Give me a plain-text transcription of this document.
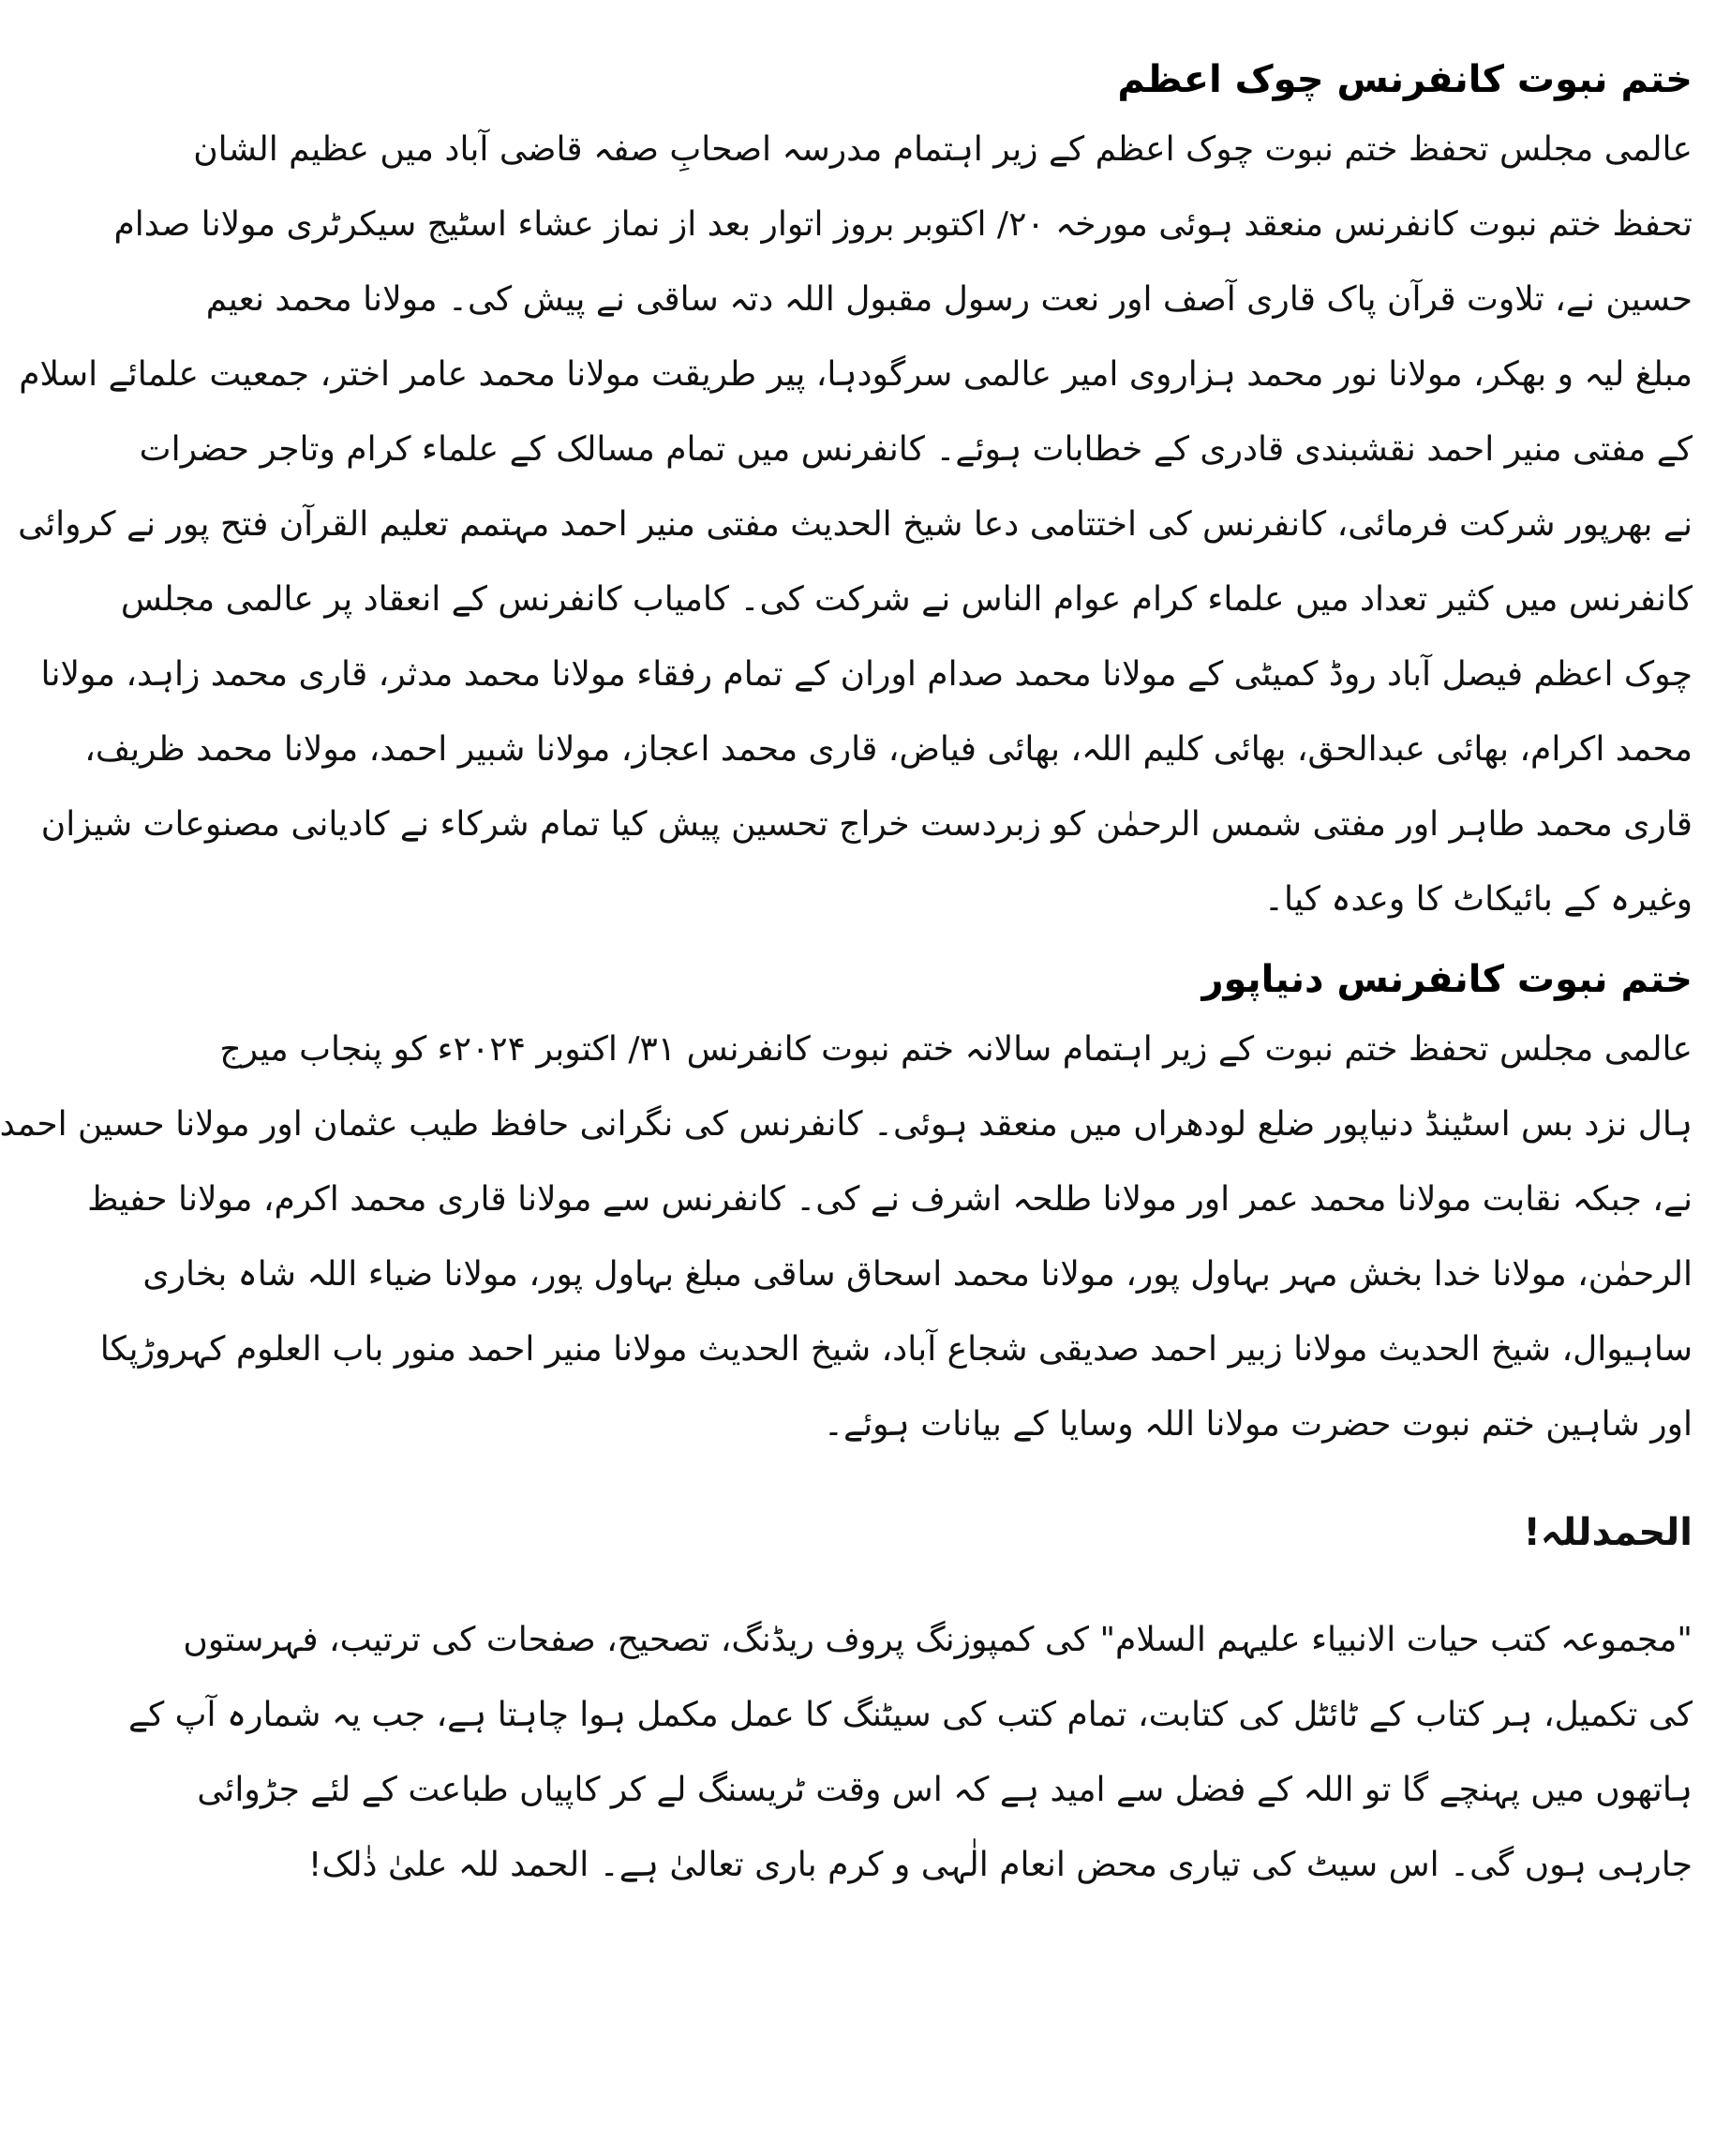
ختم نبوت کانفرنس چوک اعظم
عالمی مجلس تحفظ ختم نبوت چوک اعظم کے زیر اہتمام مدرسہ اصحابِ صفہ قاضی آباد میں عظیم الشان
تحفظ ختم نبوت کانفرنس منعقد ہوئی مورخہ ۲۰/ اکتوبر بروز اتوار بعد از نماز عشاء اسٹیج سیکرٹری مولانا صدام
حسین نے، تلاوت قرآن پاک قاری آصف اور نعت رسول مقبول اللہ دتہ ساقی نے پیش کی۔ مولانا محمد نعیم
مبلغ لیہ و بھکر، مولانا نور محمد ہزاروی امیر عالمی سرگودہا، پیر طریقت مولانا محمد عامر اختر، جمعیت علمائے اسلام
کے مفتی منیر احمد نقشبندی قادری کے خطابات ہوئے۔ کانفرنس میں تمام مسالک کے علماء کرام وتاجر حضرات
نے بھرپور شرکت فرمائی، کانفرنس کی اختتامی دعا شیخ الحدیث مفتی منیر احمد مہتمم تعلیم القرآن فتح پور نے کروائی
کانفرنس میں کثیر تعداد میں علماء کرام عوام الناس نے شرکت کی۔ کامیاب کانفرنس کے انعقاد پر عالمی مجلس
چوک اعظم فیصل آباد روڈ کمیٹی کے مولانا محمد صدام اوران کے تمام رفقاء مولانا محمد مدثر، قاری محمد زاہد، مولانا
محمد اکرام، بھائی عبدالحق، بھائی کلیم اللہ، بھائی فیاض، قاری محمد اعجاز، مولانا شبیر احمد، مولانا محمد ظریف،
قاری محمد طاہر اور مفتی شمس الرحمٰن کو زبردست خراج تحسین پیش کیا تمام شرکاء نے کادیانی مصنوعات شیزان
وغیرہ کے بائیکاٹ کا وعدہ کیا۔
ختم نبوت کانفرنس دنیاپور
عالمی مجلس تحفظ ختم نبوت کے زیر اہتمام سالانہ ختم نبوت کانفرنس ۳۱/ اکتوبر ۲۰۲۴ء کو پنجاب میرج
ہال نزد بس اسٹینڈ دنیاپور ضلع لودھراں میں منعقد ہوئی۔ کانفرنس کی نگرانی حافظ طیب عثمان اور مولانا حسین احمد
نے، جبکہ نقابت مولانا محمد عمر اور مولانا طلحہ اشرف نے کی۔ کانفرنس سے مولانا قاری محمد اکرم، مولانا حفیظ
الرحمٰن، مولانا خدا بخش مہر بہاول پور، مولانا محمد اسحاق ساقی مبلغ بہاول پور، مولانا ضیاء اللہ شاہ بخاری
ساہیوال، شیخ الحدیث مولانا زبیر احمد صدیقی شجاع آباد، شیخ الحدیث مولانا منیر احمد منور باب العلوم کہروڑپکا
اور شاہین ختم نبوت حضرت مولانا اللہ وسایا کے بیانات ہوئے۔
الحمدللہ!
"مجموعہ کتب حیات الانبیاء علیہم السلام" کی کمپوزنگ پروف ریڈنگ، تصحیح، صفحات کی ترتیب، فہرستوں
کی تکمیل، ہر کتاب کے ٹائٹل کی کتابت، تمام کتب کی سیٹنگ کا عمل مکمل ہوا چاہتا ہے، جب یہ شمارہ آپ کے
ہاتھوں میں پہنچے گا تو اللہ کے فضل سے امید ہے کہ اس وقت ٹریسنگ لے کر کاپیاں طباعت کے لئے جڑوائی
جارہی ہوں گی۔ اس سیٹ کی تیاری محض انعام الٰہی و کرم باری تعالیٰ ہے۔ الحمد للہ علیٰ ذٰلک!
